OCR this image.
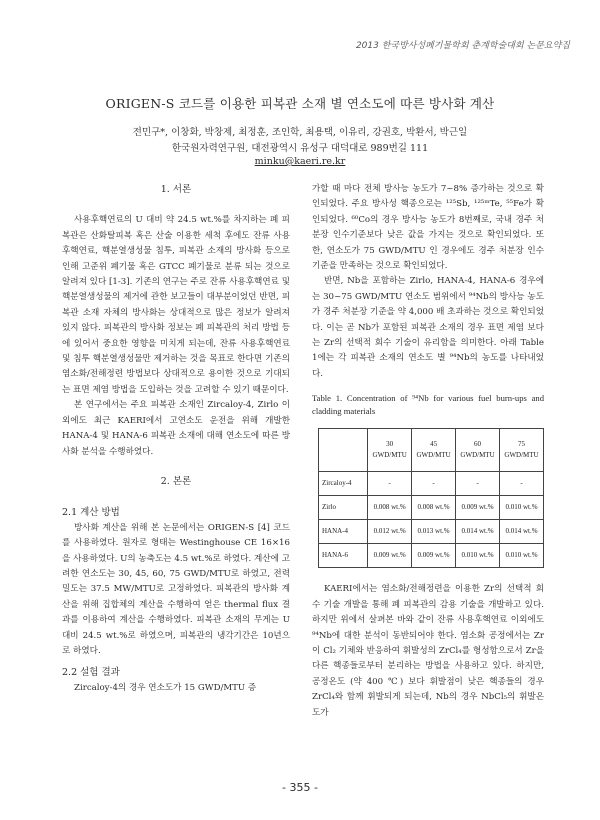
2013 한국방사성폐기물학회 춘계학술대회 논문요약집
ORIGEN-S 코드를 이용한 피복관 소재 별 연소도에 따른 방사화 계산
전민구*, 이창화, 박창제, 최정훈, 조인학, 최용택, 이유리, 강권호, 박환서, 박근일
한국원자력연구원, 대전광역시 유성구 대덕대로 989번길 111
minku@kaeri.re.kr
1. 서론

사용후핵연료의 U 대비 약 24.5 wt.%를 차지하는 폐 피복관은 산화탈피복 혹은 산술 이용한 세척 후에도 잔류 사용후핵연료, 핵분열생성물 침투, 피복관 소재의 방사화 등으로 인해 고준위 폐기물 혹은 GTCC 폐기물로 분류 되는 것으로 알려져 있다 [1-3]. 기존의 연구는 주로 잔류 사용후핵연료 및 핵분열생성물의 제거에 관한 보고들이 대부분이었던 반면, 피복관 소재 자체의 방사화는 상대적으로 많은 정보가 알려져 있지 않다. 피복관의 방사화 정보는 폐 피복관의 처리 방법 등에 있어서 중요한 영향을 미치게 되는데, 잔류 사용후핵연료 및 침투 핵분열생성물만 제거하는 것을 목표로 한다면 기존의 염소화/전해정련 방법보다 상대적으로 용이한 것으로 기대되는 표면 제염 방법을 도입하는 것을 고려할 수 있기 때문이다.

본 연구에서는 주요 피복관 소재인 Zircaloy-4, Zirlo 이외에도 최근 KAERI에서 고연소도 운전을 위해 개발한 HANA-4 및 HANA-6 피복관 소재에 대해 연소도에 따른 방사화 분석을 수행하였다.

2. 본론
2.1 계산 방법

방사화 계산을 위해 본 논문에서는 ORIGEN-S [4] 코드를 사용하였다. 원자로 형태는 Westinghouse CE 16×16을 사용하였다. U의 농축도는 4.5 wt.%로 하였다. 계산에 고려한 연소도는 30, 45, 60, 75 GWD/MTU로 하였고, 전력밀도는 37.5 MW/MTU로 고정하였다. 피복관의 방사화 계산을 위해 집합체의 계산을 수행하여 얻은 thermal flux 결과를 이용하여 계산을 수행하였다. 피복관 소재의 무게는 U 대비 24.5 wt.%로 하였으며, 피복관의 냉각기간은 10년으로 하였다.

2.2 설험 결과

Zircaloy-4의 경우 연소도가 15 GWD/MTU 증

가할 때 마다 전체 방사능 농도가 7~8% 증가하는 것으로 확인되었다. 주요 방사성 핵종으로는 ¹²⁵Sb, ¹²⁵ᵐTe, ⁵⁵Fe가 확인되었다. ⁶⁰Co의 경우 방사능 농도가 8번째로, 국내 경주 처분장 인수기준보다 낮은 값을 가지는 것으로 확인되었다. 또한, 연소도가 75 GWD/MTU 인 경우에도 경주 처분장 인수기준을 만족하는 것으로 확인되었다.

반면, Nb을 포함하는 Zirlo, HANA-4, HANA-6 경우에는 30~75 GWD/MTU 연소도 범위에서 ⁹⁴Nb의 방사능 농도가 경주 처분장 기준을 약 4,000 배 초과하는 것으로 확인되었다. 이는 곧 Nb가 포함된 피복관 소재의 경우 표면 제염 보다는 Zr의 선택적 회수 기술이 유리함을 의미한다. 아래 Table 1에는 각 피복관 소재의 연소도 별 ⁹⁴Nb의 농도를 나타내었다.

Table 1. Concentration of ⁹⁴Nb for various fuel burn-ups and cladding materials
	30 GWD/MTU	45 GWD/MTU	60 GWD/MTU	75 GWD/MTU
Zircaloy-4	-	-	-	-
Zirlo	0.008 wt.%	0.008 wt.%	0.009 wt.%	0.010 wt.%
HANA-4	0.012 wt.%	0.013 wt.%	0.014 wt.%	0.014 wt.%
HANA-6	0.009 wt.%	0.009 wt.%	0.010 wt.%	0.010 wt.%

KAERI에서는 염소화/전해정련을 이용한 Zr의 선택적 회수 기술 개발을 통해 폐 피복관의 감용 기술을 개발하고 있다. 하지만 위에서 살펴본 바와 같이 잔류 사용후핵연료 이외에도 ⁹⁴Nb에 대한 분석이 동반되어야 한다. 염소화 공정에서는 Zr이 Cl₂ 기체와 반응하여 휘발성의 ZrCl₄를 형성함으로서 Zr을 다른 핵종들로부터 분리하는 방법을 사용하고 있다. 하지만, 공정온도 (약 400 ℃) 보다 휘발점이 낮은 핵종들의 경우 ZrCl₄와 함께 휘발되게 되는데, Nb의 경우 NbCl₅의 휘발온도가

- 355 -
